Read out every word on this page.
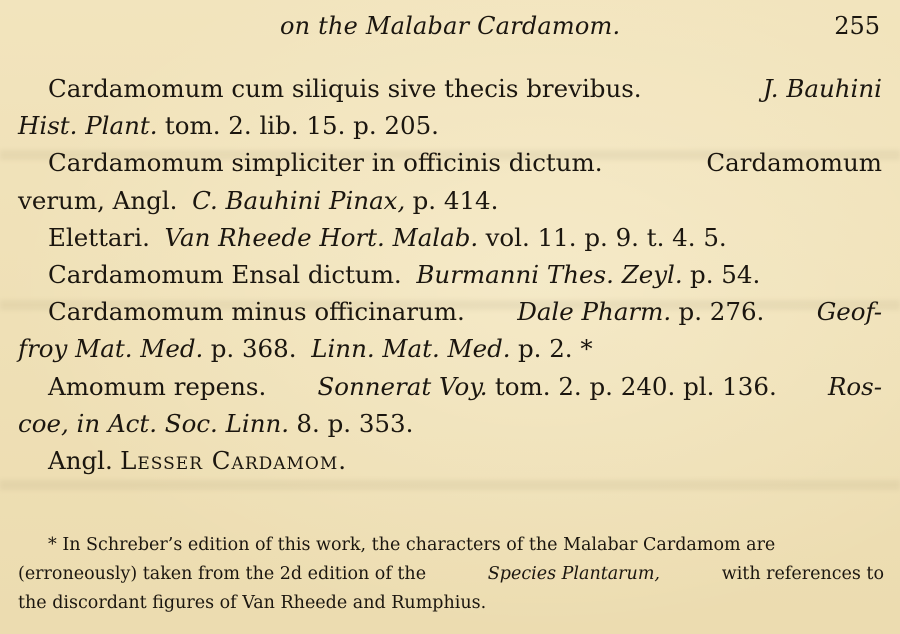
on the Malabar Cardamom.	255
Cardamomum cum siliquis sive thecis brevibus.	J. Bauhini
Hist. Plant. tom. 2. lib. 15. p. 205.
Cardamomum simpliciter in officinis dictum.	Cardamomum
verum, Angl. C. Bauhini Pinax, p. 414.
Elettari. Van Rheede Hort. Malab. vol. 11. p. 9. t. 4. 5.
Cardamomum Ensal dictum. Burmanni Thes. Zeyl. p. 54.
Cardamomum minus officinarum. Dale Pharm. p. 276. Geof-
froy Mat. Med. p. 368. Linn. Mat. Med. p. 2. *
Amomum repens. Sonnerat Voy. tom. 2. p. 240. pl. 136. Ros-
coe, in Act. Soc. Linn. 8. p. 353.
Angl. Lesser Cardamom.
* In Schreber’s edition of this work, the characters of the Malabar Cardamom are
(erroneously) taken from the 2d edition of the	Species Plantarum,	with references to
the discordant figures of Van Rheede and Rumphius.
